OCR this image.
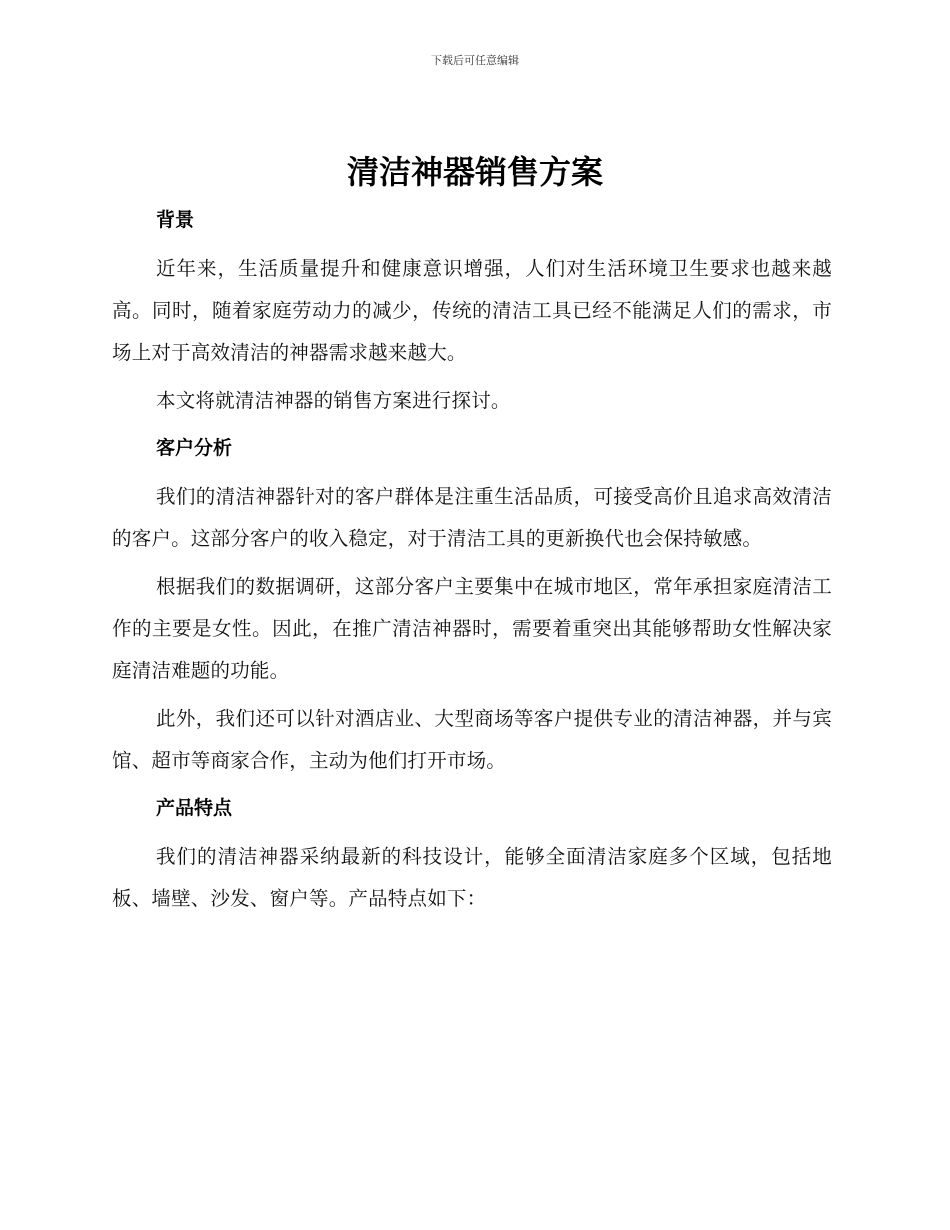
下载后可任意编辑
清洁神器销售方案
背景

近年来，生活质量提升和健康意识增强，人们对生活环境卫生要求也越来越高。同时，随着家庭劳动力的减少，传统的清洁工具已经不能满足人们的需求，市场上对于高效清洁的神器需求越来越大。

本文将就清洁神器的销售方案进行探讨。

客户分析

我们的清洁神器针对的客户群体是注重生活品质，可接受高价且追求高效清洁的客户。这部分客户的收入稳定，对于清洁工具的更新换代也会保持敏感。

根据我们的数据调研，这部分客户主要集中在城市地区，常年承担家庭清洁工作的主要是女性。因此，在推广清洁神器时，需要着重突出其能够帮助女性解决家庭清洁难题的功能。

此外，我们还可以针对酒店业、大型商场等客户提供专业的清洁神器，并与宾馆、超市等商家合作，主动为他们打开市场。

产品特点

我们的清洁神器采纳最新的科技设计，能够全面清洁家庭多个区域，包括地板、墙壁、沙发、窗户等。产品特点如下：
